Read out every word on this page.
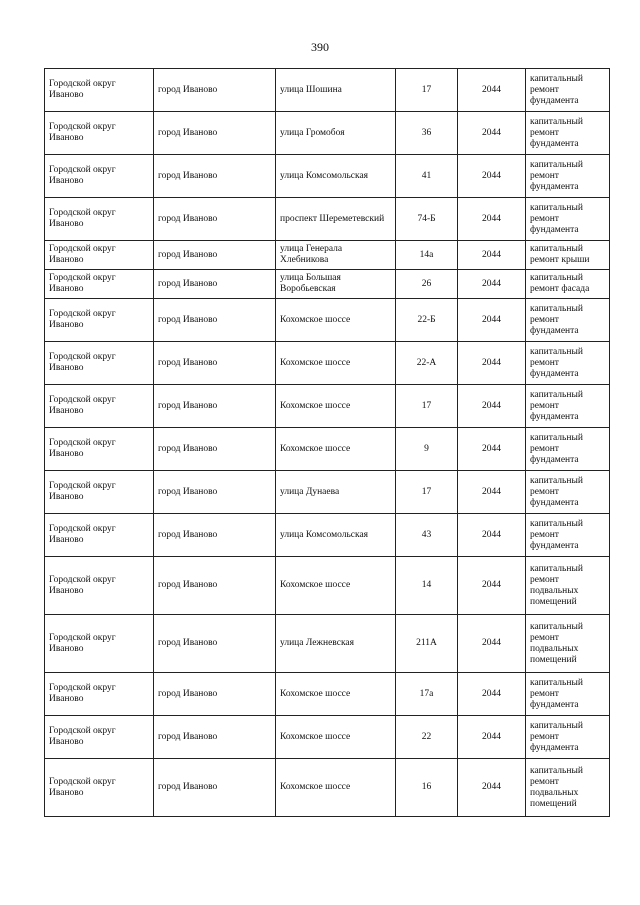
390
Городской округ Иваново	город Иваново	улица Шошина	17	2044	капитальный ремонт фундамента
Городской округ Иваново	город Иваново	улица Громобоя	36	2044	капитальный ремонт фундамента
Городской округ Иваново	город Иваново	улица Комсомольская	41	2044	капитальный ремонт фундамента
Городской округ Иваново	город Иваново	проспект Шереметевский	74-Б	2044	капитальный ремонт фундамента
Городской округ Иваново	город Иваново	улица Генерала Хлебникова	14а	2044	капитальный ремонт крыши
Городской округ Иваново	город Иваново	улица Большая Воробьевская	26	2044	капитальный ремонт фасада
Городской округ Иваново	город Иваново	Кохомское шоссе	22-Б	2044	капитальный ремонт фундамента
Городской округ Иваново	город Иваново	Кохомское шоссе	22-А	2044	капитальный ремонт фундамента
Городской округ Иваново	город Иваново	Кохомское шоссе	17	2044	капитальный ремонт фундамента
Городской округ Иваново	город Иваново	Кохомское шоссе	9	2044	капитальный ремонт фундамента
Городской округ Иваново	город Иваново	улица Дунаева	17	2044	капитальный ремонт фундамента
Городской округ Иваново	город Иваново	улица Комсомольская	43	2044	капитальный ремонт фундамента
Городской округ Иваново	город Иваново	Кохомское шоссе	14	2044	капитальный ремонт подвальных помещений
Городской округ Иваново	город Иваново	улица Лежневская	211А	2044	капитальный ремонт подвальных помещений
Городской округ Иваново	город Иваново	Кохомское шоссе	17а	2044	капитальный ремонт фундамента
Городской округ Иваново	город Иваново	Кохомское шоссе	22	2044	капитальный ремонт фундамента
Городской округ Иваново	город Иваново	Кохомское шоссе	16	2044	капитальный ремонт подвальных помещений
